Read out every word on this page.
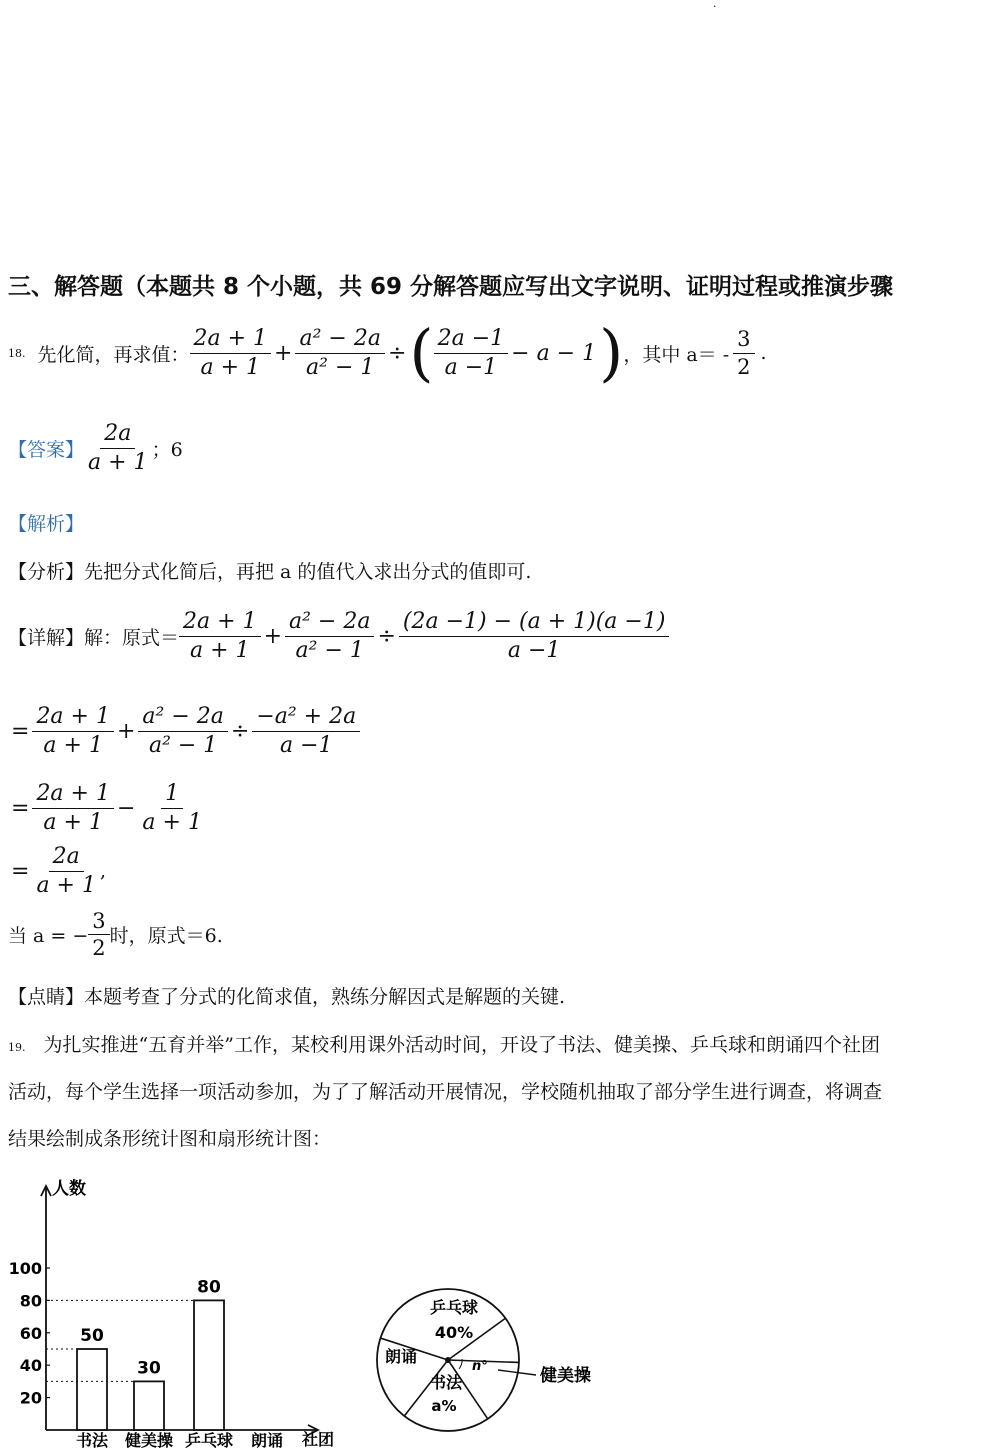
·
三、解答题（本题共 8 个小题，共 69 分解答题应写出文字说明、证明过程或推演步骤
18. 先化简，再求值： $\frac{2a + 1}{a + 1} + \frac{\text{a² − 2a}}{\text{a² − 1}}$ ÷ ( $\frac{2a -1}{a -1} - a - 1$ ) ，其中 $a= - \frac{3}{2}$ .
【答案】 $\frac{2a}{a + 1}$ ；6
【解析】
【分析】先把分式化简后，再把 a 的值代入求出分式的值即可.
【详解】 解：原式＝ $\frac{2a + 1}{a + 1} + \frac{\text{a² − 2a}}{\text{a² − 1}} \div \frac{(2a -1) - (a + 1)(a -1)}{a -1}$
= $\frac{2a + 1}{a + 1} + \frac{\text{a² − 2a}}{\text{a² − 1}} \div \frac{\text{−a² + 2a}}{a -1}$
= $\frac{2a + 1}{a + 1} - \frac{1}{a + 1}$
= $\frac{2a}{a + 1}$ ,
当 a = − $\frac{3}{2}$ 时，原式＝6.
【点睛】本题考查了分式的化简求值，熟练分解因式是解题的关键.
19. 为扎实推进“五育并举”工作，某校利用课外活动时间，开设了书法、健美操、乒乓球和朗诵四个社团
活动，每个学生选择一项活动参加，为了了解活动开展情况，学校随机抽取了部分学生进行调查，将调查
结果绘制成条形统计图和扇形统计图：
人数
社团
20
40
60
80
100
书法
50
健美操
30
乒乓球
80
朗诵
乒乓球
40%
朗诵
书法
a%
n°	健美操
